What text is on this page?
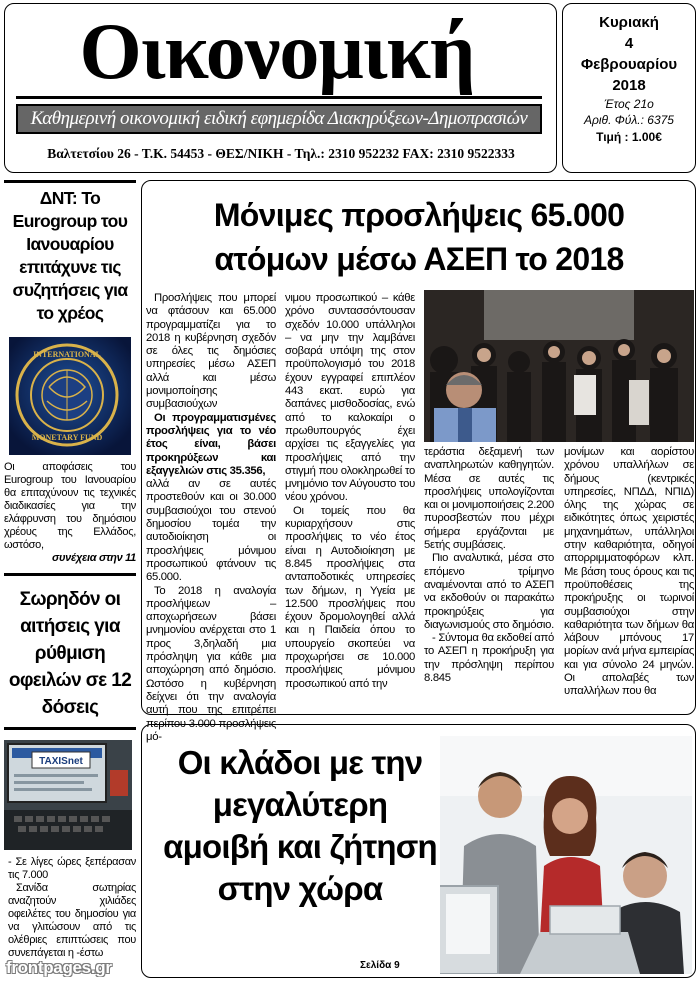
Οικονομική
Καθημερινή οικονομική ειδική εφημερίδα Διακηρύξεων-Δημοπρασιών
Βαλτετσίου 26 - Τ.Κ. 54453 - ΘΕΣ/ΝΙΚΗ - Τηλ.: 2310 952232 FAX: 2310 9522333
Κυριακή
4
Φεβρουαρίου
2018
Έτος 21ο
Αριθ. Φύλ.: 6375
Τιμή : 1.00€
ΔΝΤ: Το Eurogroup του Ιανουαρίου επιτάχυνε τις συζητήσεις για το χρέος
INTERNATIONAL
MONETARY FUND
Οι αποφάσεις του Eurogroup του Ιανουαρίου θα επιταχύνουν τις τεχνικές διαδικασίες για την ελάφρυνση του δημόσιου χρέους της Ελλάδος, ωστόσο,
συνέχεια στην 11
Σωρηδόν οι αιτήσεις για ρύθμιση οφειλών σε 12 δόσεις
TAXISnet
- Σε λίγες ώρες ξεπέρασαν τις 7.000
Σανίδα σωτηρίας αναζητούν χιλιάδες οφειλέτες του δημοσίου για να γλιτώσουν από τις ολέθριες επιπτώσεις που συνεπάγεται η -έστω
Μόνιμες προσλήψεις 65.000
ατόμων μέσω ΑΣΕΠ το 2018
Προσλήψεις που μπορεί να φτάσουν και 65.000 προγραμματίζει για το 2018 η κυβέρνηση σχεδόν σε όλες τις δημόσιες υπηρεσίες μέσω ΑΣΕΠ αλλά και μέσω μονιμοποίησης συμβασιούχων
Οι προγραμματισμένες προσλήψεις για το νέο έτος είναι, βάσει προκηρύξεων και εξαγγελιών στις 35.356,
αλλά αν σε αυτές προστεθούν και οι 30.000 συμβασιούχοι του στενού δημοσίου τομέα την αυτοδιοίκηση οι προσλήψεις μόνιμου προσωπικού φτάνουν τις 65.000.
Το 2018 η αναλογία προσλήψεων – αποχωρήσεων βάσει μνημονίου ανέρχεται στο 1 προς 3,δηλαδή μια πρόσληψη για κάθε μια αποχώρηση από δημόσιο. Ωστόσο η κυβέρνηση δείχνει ότι την αναλογία αυτή που της επιτρέπει περίπου 3.000 προσλήψεις μό-
νιμου προσωπικού – κάθε χρόνο συντασσόντουσαν σχεδόν 10.000 υπάλληλοι – να μην την λαμβάνει σοβαρά υπόψη της στον προϋπολογισμό του 2018 έχουν εγγραφεί επιπλέον 443 εκατ. ευρώ για δαπάνες μισθοδοσίας, ενώ από το καλοκαίρι ο πρωθυπουργός έχει αρχίσει τις εξαγγελίες για προσλήψεις από την στιγμή που ολοκληρωθεί το μνημόνιο τον Αύγουστο του νέου χρόνου.
Οι τομείς που θα κυριαρχήσουν στις προσλήψεις το νέο έτος είναι η Αυτοδιοίκηση με 8.845 προσλήψεις στα ανταποδοτικές υπηρεσίες των δήμων, η Υγεία με 12.500 προσλήψεις που έχουν δρομολογηθεί αλλά και η Παιδεία όπου το υπουργείο σκοπεύει να προχωρήσει σε 10.000 προσλήψεις μόνιμου προσωπικού από την
τεράστια δεξαμενή των αναπληρωτών καθηγητών. Μέσα σε αυτές τις προσλήψεις υπολογίζονται και οι μονιμοποιήσεις 2.200 πυροσβεστών που μέχρι σήμερα εργάζονται με 5ετής συμβάσεις.
Πιο αναλυτικά, μέσα στο επόμενο τρίμηνο αναμένονται από το ΑΣΕΠ να εκδοθούν οι παρακάτω προκηρύξεις για διαγωνισμούς στο δημόσιο.
- Σύντομα θα εκδοθεί από το ΑΣΕΠ η προκήρυξη για την πρόσληψη περίπου 8.845
μονίμων και αορίστου χρόνου υπαλλήλων σε δήμους (κεντρικές υπηρεσίες, ΝΠΔΔ, ΝΠΙΔ) όλης της χώρας σε ειδικότητες όπως χειριστές μηχανημάτων, υπάλληλοι στην καθαριότητα, οδηγοί απορριμματοφόρων κλπ. Με βάση τους όρους και τις προϋποθέσεις της προκήρυξης οι τωρινοί συμβασιούχοι στην καθαριότητα των δήμων θα λάβουν μπόνους 17 μορίων ανά μήνα εμπειρίας και για σύνολο 24 μηνών. Οι απολαβές των υπαλλήλων που θα
Οι κλάδοι με την μεγαλύτερη αμοιβή και ζήτηση στην χώρα
Σελίδα 9
frontpages.gr
